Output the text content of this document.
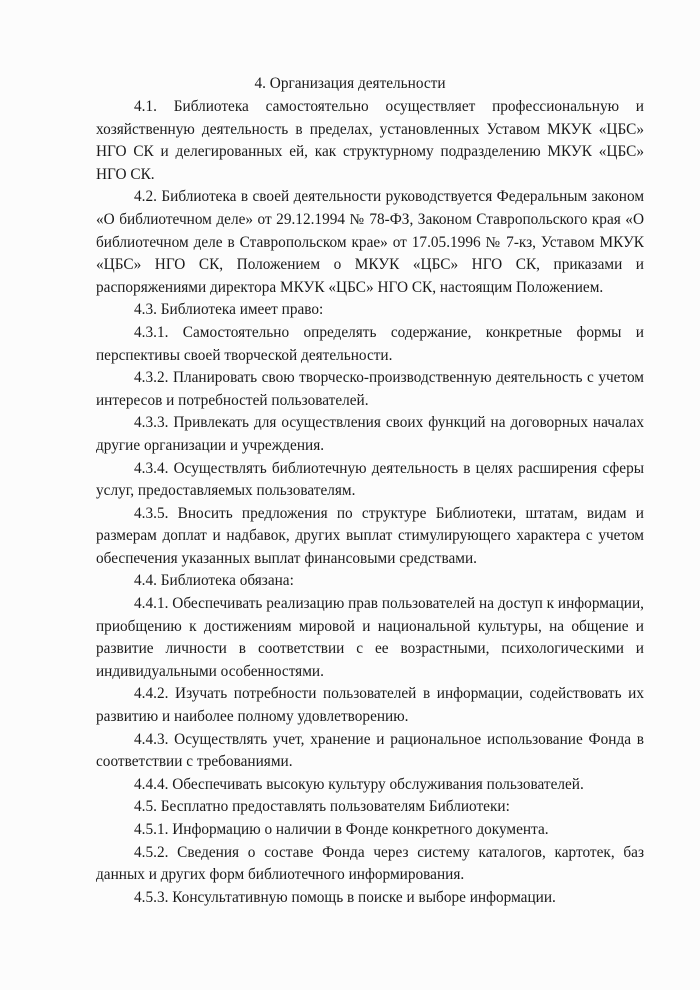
4. Организация деятельности

4.1. Библиотека самостоятельно осуществляет профессиональную и хозяйственную деятельность в пределах, установленных Уставом МКУК «ЦБС» НГО СК и делегированных ей, как структурному подразделению МКУК «ЦБС» НГО СК.

4.2. Библиотека в своей деятельности руководствуется Федеральным законом «О библиотечном деле» от 29.12.1994 № 78-ФЗ, Законом Ставропольского края «О библиотечном деле в Ставропольском крае» от 17.05.1996 № 7-кз, Уставом МКУК «ЦБС» НГО СК, Положением о МКУК «ЦБС» НГО СК, приказами и распоряжениями директора МКУК «ЦБС» НГО СК, настоящим Положением.

4.3. Библиотека имеет право:

4.3.1. Самостоятельно определять содержание, конкретные формы и перспективы своей творческой деятельности.

4.3.2. Планировать свою творческо-производственную деятельность с учетом интересов и потребностей пользователей.

4.3.3. Привлекать для осуществления своих функций на договорных началах другие организации и учреждения.

4.3.4. Осуществлять библиотечную деятельность в целях расширения сферы услуг, предоставляемых пользователям.

4.3.5. Вносить предложения по структуре Библиотеки, штатам, видам и размерам доплат и надбавок, других выплат стимулирующего характера с учетом обеспечения указанных выплат финансовыми средствами.

4.4. Библиотека обязана:

4.4.1. Обеспечивать реализацию прав пользователей на доступ к информации, приобщению к достижениям мировой и национальной культуры, на общение и развитие личности в соответствии с ее возрастными, психологическими и индивидуальными особенностями.

4.4.2. Изучать потребности пользователей в информации, содействовать их развитию и наиболее полному удовлетворению.

4.4.3. Осуществлять учет, хранение и рациональное использование Фонда в соответствии с требованиями.

4.4.4. Обеспечивать высокую культуру обслуживания пользователей.

4.5. Бесплатно предоставлять пользователям Библиотеки:

4.5.1. Информацию о наличии в Фонде конкретного документа.

4.5.2. Сведения о составе Фонда через систему каталогов, картотек, баз данных и других форм библиотечного информирования.

4.5.3. Консультативную помощь в поиске и выборе информации.
